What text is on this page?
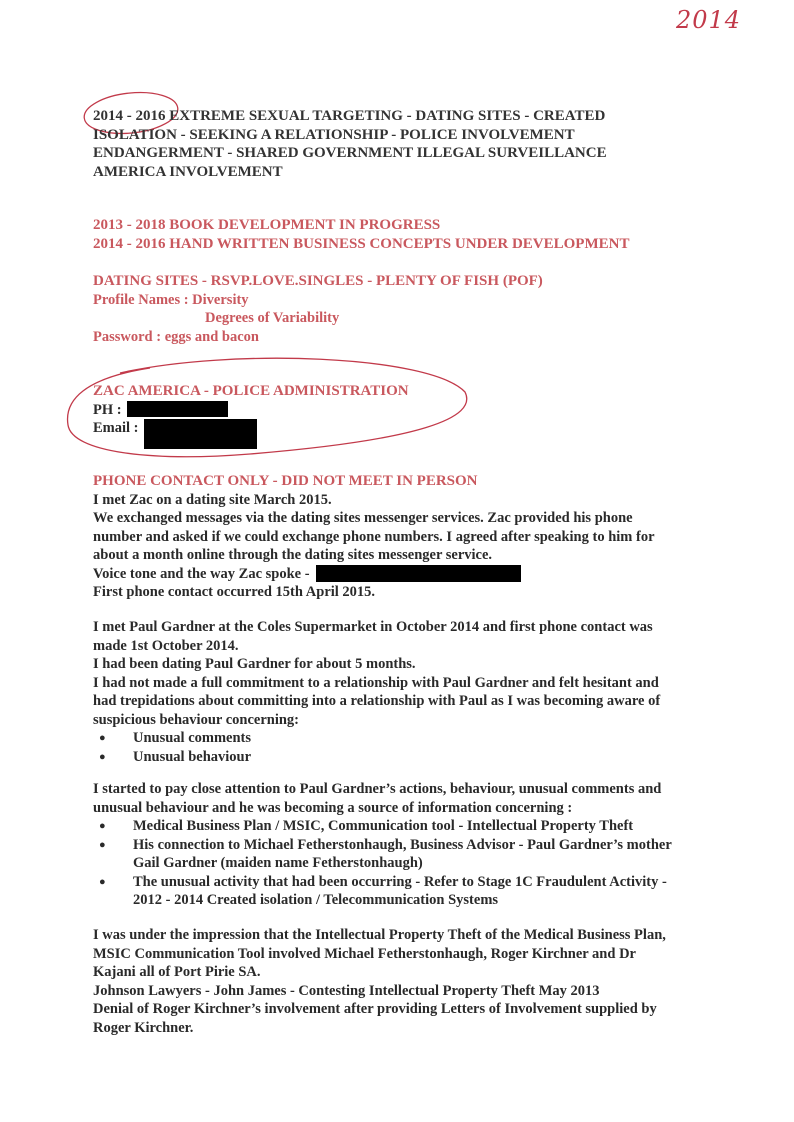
2014
2014 - 2016 EXTREME SEXUAL TARGETING - DATING SITES - CREATED
ISOLATION - SEEKING A RELATIONSHIP - POLICE INVOLVEMENT
ENDANGERMENT - SHARED GOVERNMENT ILLEGAL SURVEILLANCE
AMERICA INVOLVEMENT
2013 - 2018 BOOK DEVELOPMENT IN PROGRESS
2014 - 2016 HAND WRITTEN BUSINESS CONCEPTS UNDER DEVELOPMENT
DATING SITES - RSVP.LOVE.SINGLES - PLENTY OF FISH (POF)
Profile Names : Diversity
Degrees of Variability
Password : eggs and bacon
ZAC AMERICA - POLICE ADMINISTRATION
PH :
Email :
PHONE CONTACT ONLY - DID NOT MEET IN PERSON
I met Zac on a dating site March 2015.
We exchanged messages via the dating sites messenger services. Zac provided his phone
number and asked if we could exchange phone numbers. I agreed after speaking to him for
about a month online through the dating sites messenger service.
Voice tone and the way Zac spoke -
First phone contact occurred 15th April 2015.
I met Paul Gardner at the Coles Supermarket in October 2014 and first phone contact was
made 1st October 2014.
I had been dating Paul Gardner for about 5 months.
I had not made a full commitment to a relationship with Paul Gardner and felt hesitant and
had trepidations about committing into a relationship with Paul as I was becoming aware of
suspicious behaviour concerning:
● Unusual comments
● Unusual behaviour
I started to pay close attention to Paul Gardner’s actions, behaviour, unusual comments and
unusual behaviour and he was becoming a source of information concerning :
● Medical Business Plan / MSIC, Communication tool - Intellectual Property Theft
● His connection to Michael Fetherstonhaugh, Business Advisor - Paul Gardner’s mother
Gail Gardner (maiden name Fetherstonhaugh)
● The unusual activity that had been occurring - Refer to Stage 1C Fraudulent Activity -
2012 - 2014 Created isolation / Telecommunication Systems
I was under the impression that the Intellectual Property Theft of the Medical Business Plan,
MSIC Communication Tool involved Michael Fetherstonhaugh, Roger Kirchner and Dr
Kajani all of Port Pirie SA.
Johnson Lawyers - John James - Contesting Intellectual Property Theft May 2013
Denial of Roger Kirchner’s involvement after providing Letters of Involvement supplied by
Roger Kirchner.
